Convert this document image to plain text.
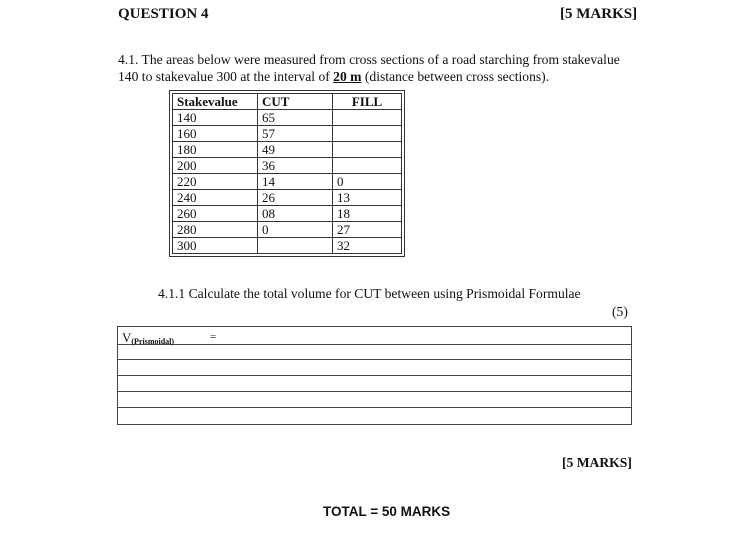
QUESTION 4	[5 MARKS]
4.1. The areas below were measured from cross sections of a road starching from stakevalue 140 to stakevalue 300 at the interval of 20 m (distance between cross sections).
Stakevalue	CUT	FILL
140	65	
160	57	
180	49	
200	36	
220	14	0
240	26	13
260	08	18
280	0	27
300		32
4.1.1 Calculate the total volume for CUT between using Prismoidal Formulae
(5)
$V_{(Prismoidal)}$	=
[5 MARKS]
TOTAL = 50 MARKS
